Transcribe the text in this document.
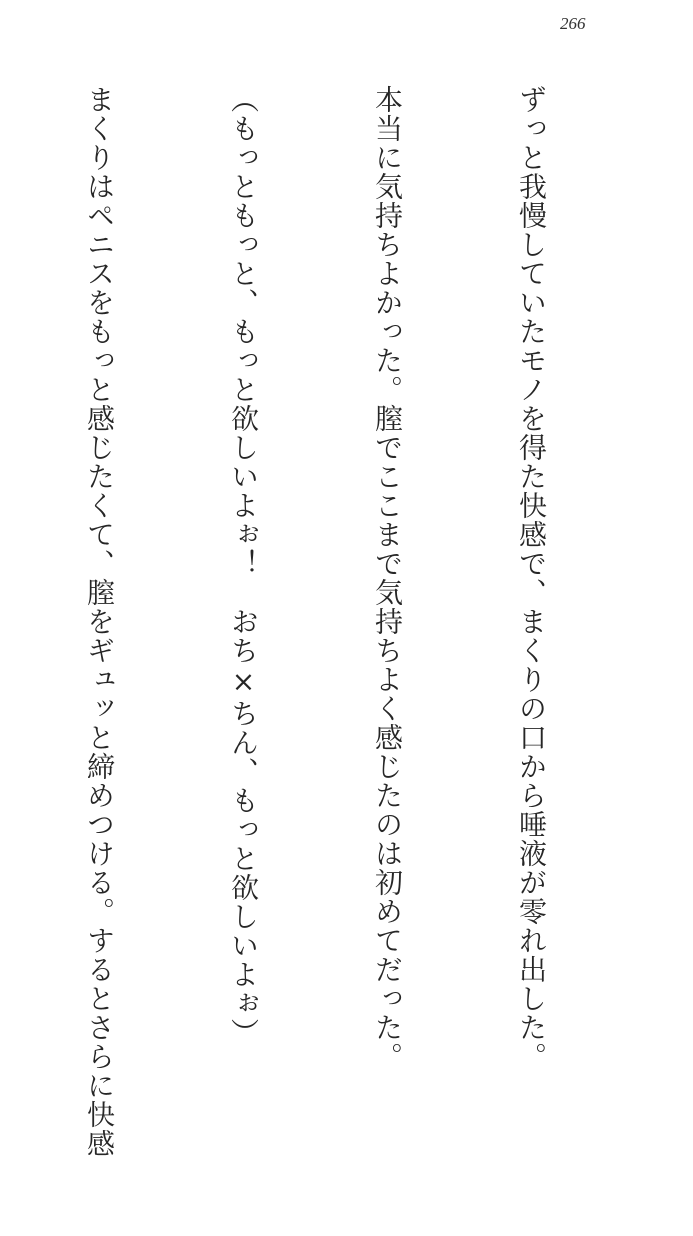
266

ずっと我慢していたモノを得た快感で、まくりの口から唾液が零れ出した。

本当に気持ちよかった。膣でここまで気持ちよく感じたのは初めてだった。

（もっともっと、もっと欲しいよぉ！　おち×ちん、もっと欲しいよぉ）

まくりはペニスをもっと感じたくて、膣をギュッと締めつける。するとさらに快感
